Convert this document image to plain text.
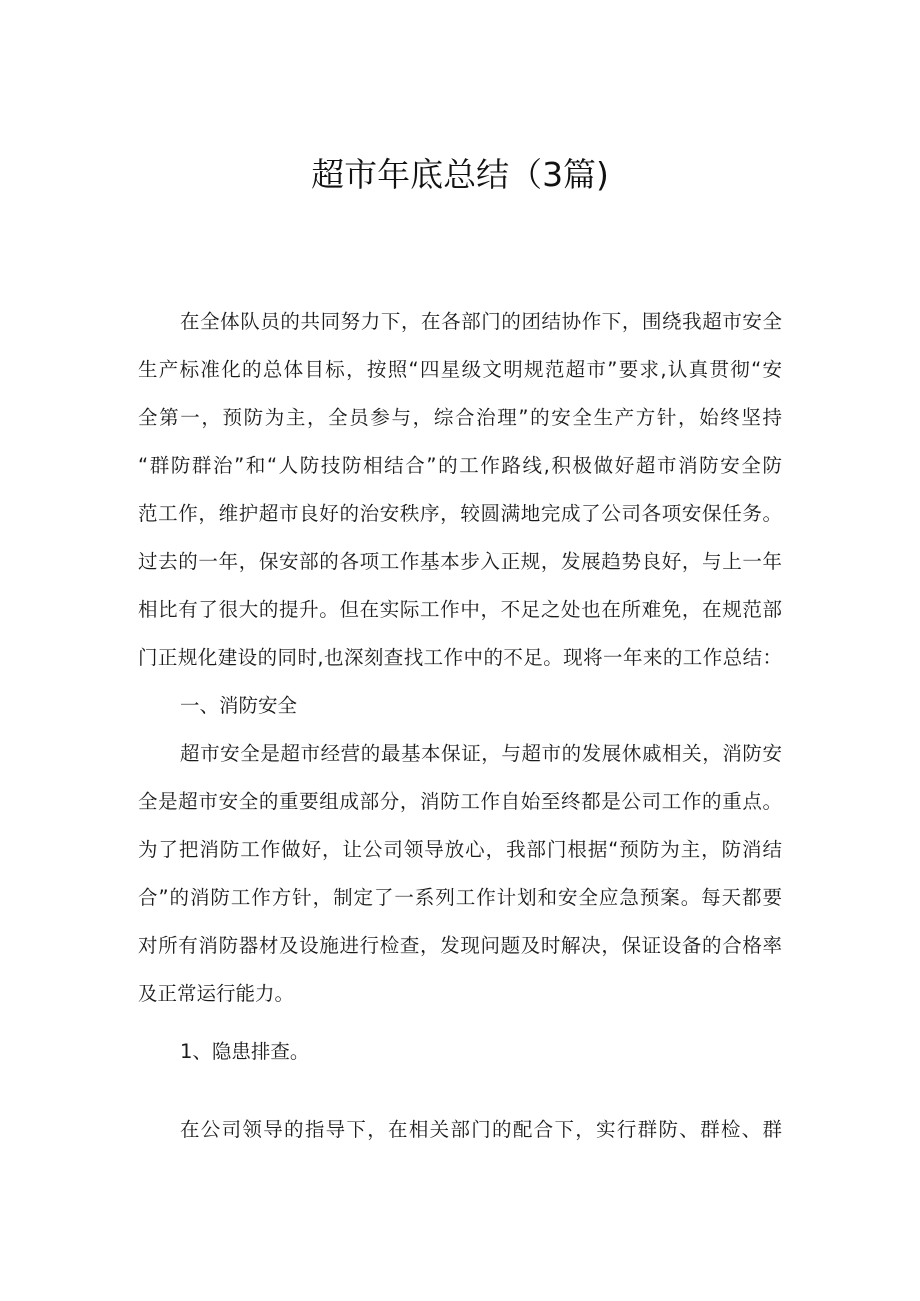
超市年底总结（3篇)
在全体队员的共同努力下，在各部门的团结协作下，围绕我超市安全
生产标准化的总体目标，按照“四星级文明规范超市”要求,认真贯彻“安
全第一，预防为主，全员参与，综合治理”的安全生产方针，始终坚持
“群防群治”和“人防技防相结合”的工作路线,积极做好超市消防安全防
范工作，维护超市良好的治安秩序，较圆满地完成了公司各项安保任务。
过去的一年，保安部的各项工作基本步入正规，发展趋势良好，与上一年
相比有了很大的提升。但在实际工作中，不足之处也在所难免，在规范部
门正规化建设的同时,也深刻查找工作中的不足。现将一年来的工作总结：
一、消防安全
超市安全是超市经营的最基本保证，与超市的发展休戚相关，消防安
全是超市安全的重要组成部分，消防工作自始至终都是公司工作的重点。
为了把消防工作做好，让公司领导放心，我部门根据“预防为主，防消结
合”的消防工作方针，制定了一系列工作计划和安全应急预案。每天都要
对所有消防器材及设施进行检查，发现问题及时解决，保证设备的合格率
及正常运行能力。
1、隐患排查。
在公司领导的指导下，在相关部门的配合下，实行群防、群检、群
